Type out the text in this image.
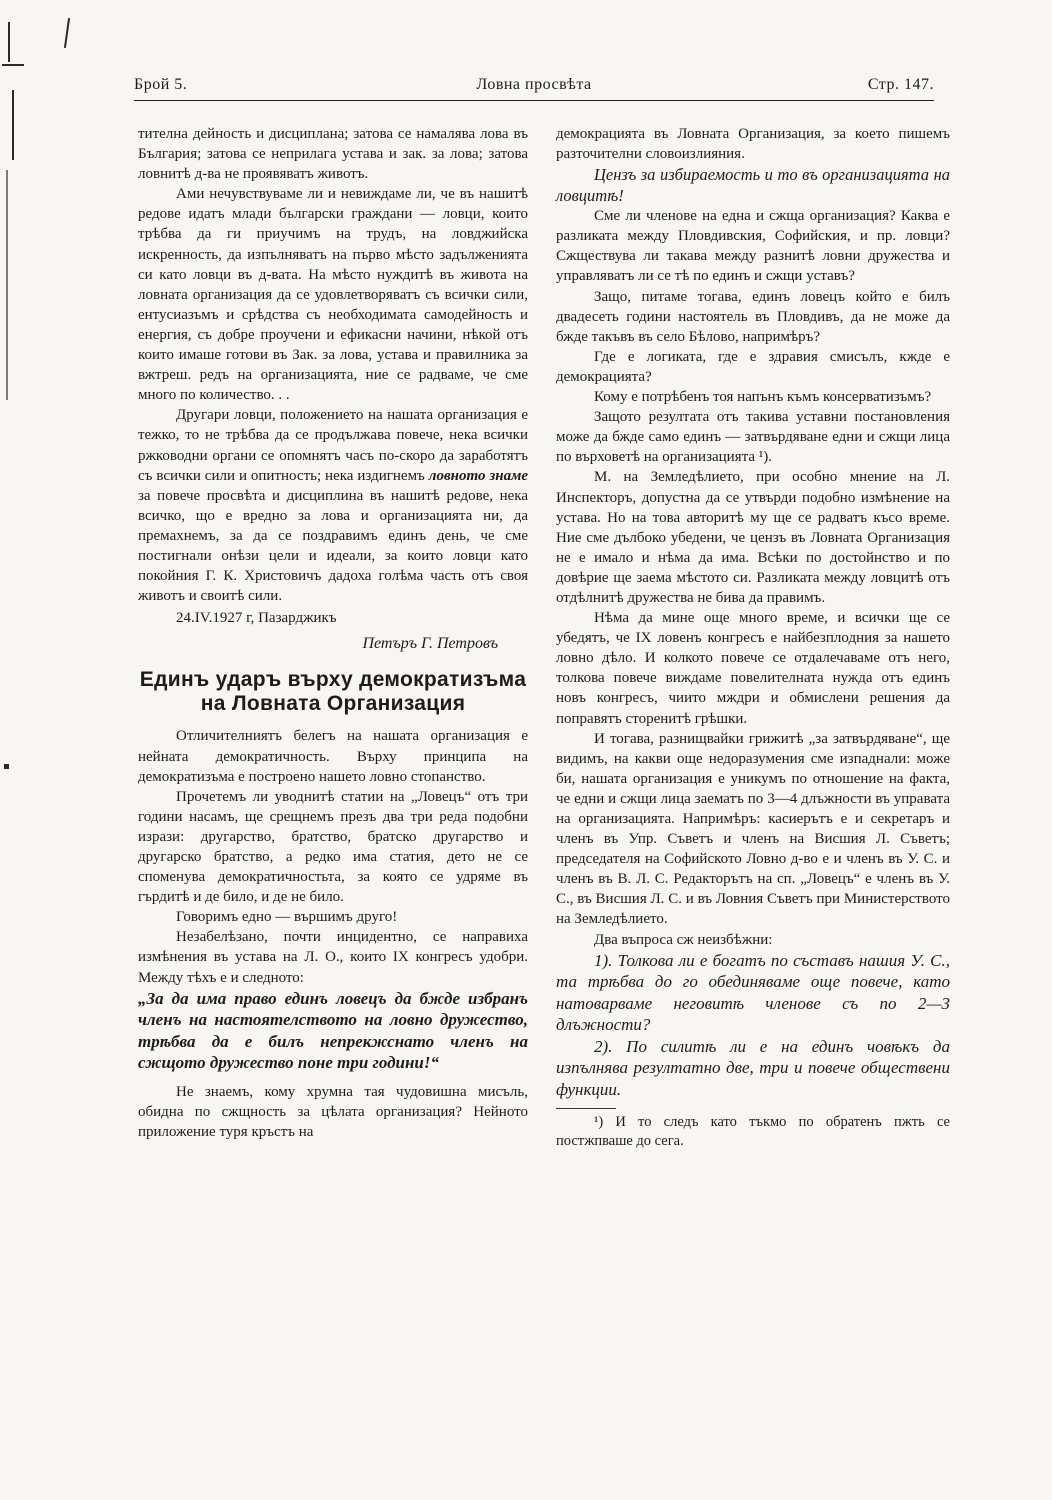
Брой 5.	Ловна просвѣта	Стр. 147.

тителна дейность и дисциплана; затова се намалява лова въ България; затова се неприлага устава и зак. за лова; затова ловнитѣ д-ва не проявяватъ животъ.

Ами нечувствуваме ли и невиждаме ли, че въ нашитѣ редове идатъ млади български граждани — ловци, които трѣбва да ги приучимъ на трудъ, на ловджийска искренность, да изпълняватъ на първо мѣсто задълженията си като ловци въ д-вата. На мѣсто нуждитѣ въ живота на ловната организация да се удовлетворяватъ съ всички сили, ентусиазъмъ и срѣдства съ необходимата самодейность и енергия, съ добре проучени и ефикасни начини, нѣкой отъ които имаше готови въ Зак. за лова, устава и правилника за вжтреш. редъ на организацията, ние се радваме, че сме много по количество. . .

Другари ловци, положението на нашата организация е тежко, то не трѣбва да се продължава повече, нека всички ржководни органи се опомнятъ часъ по-скоро да заработятъ съ всички сили и опитность; нека издигнемъ ловното знаме за повече просвѣта и дисциплина въ нашитѣ редове, нека всичко, що е вредно за лова и организацията ни, да премахнемъ, за да се поздравимъ единъ день, че сме постигнали онѣзи цели и идеали, за които ловци като покойния Г. К. Христовичъ дадоха голѣма часть отъ своя животъ и своитѣ сили.

24.IV.1927 г, Пазарджикъ

Петъръ Г. Петровъ
Единъ ударъ върху демократизъма на Ловната Организация

Отличителниятъ белегъ на нашата организация е нейната демократичность. Върху принципа на демократизъма е построено нашето ловно стопанство.

Прочетемъ ли уводнитѣ статии на „Ловецъ“ отъ три години насамъ, ще срещнемъ презъ два три реда подобни изрази: другарство, братство, братско другарство и другарско братство, а редко има статия, дето не се споменува демократичностьта, за която се удряме въ гърдитѣ и де било, и де не било.

Говоримъ едно — вършимъ друго!

Незабелѣзано, почти инцидентно, се направиха измѣнения въ устава на Л. О., които IX конгресъ удобри. Между тѣхъ е и следното:

„За да има право единъ ловецъ да бжде избранъ членъ на настоятелството на ловно дружество, трѣбва да е билъ непрекжснато членъ на сжщото дружество поне три години!“

Не знаемъ, кому хрумна тая чудовишна мисъль, обидна по сжщность за цѣлата организация? Нейното приложение туря кръстъ на

демокрацията въ Ловната Организация, за което пишемъ разточителни словоизлияния.

Цензъ за избираемость и то въ организацията на ловцитѣ!

Сме ли членове на една и сжща организация? Каква е разликата между Пловдивския, Софийския, и пр. ловци? Сжществува ли такава между разнитѣ ловни дружества и управляватъ ли се тѣ по единъ и сжщи уставъ?

Защо, питаме тогава, единъ ловецъ който е билъ двадесеть години настоятель въ Пловдивъ, да не може да бжде такъвъ въ село Бѣлово, напримѣръ?

Где е логиката, где е здравия смисълъ, кжде е демокрацията?

Кому е потрѣбенъ тоя напънъ къмъ консерватизъмъ?

Защото резултата отъ такива уставни постановления може да бжде само единъ — затвърдяване едни и сжщи лица по върховетѣ на организацията ¹).

М. на Земледѣлието, при особно мнение на Л. Инспекторъ, допустна да се утвърди подобно измѣнение на устава. Но на това авторитѣ му ще се радватъ късо време. Ние сме дълбоко убедени, че цензъ въ Ловната Организация не е имало и нѣма да има. Всѣки по достойнство и по довѣрие ще заема мѣстото си. Разликата между ловцитѣ отъ отдѣлнитѣ дружества не бива да правимъ.

Нѣма да мине още много време, и всички ще се убедятъ, че IX ловенъ конгресъ е найбезплодния за нашето ловно дѣло. И колкото повече се отдалечаваме отъ него, толкова повече виждаме повелителната нужда отъ единъ новъ конгресъ, чиито мждри и обмислени решения да поправятъ сторенитѣ грѣшки.

И тогава, разнищвайки грижитѣ „за затвърдяване“, ще видимъ, на какви още недоразумения сме изпаднали: може би, нашата организация е уникумъ по отношение на факта, че едни и сжщи лица заематъ по 3—4 длъжности въ управата на организацията. Напримѣръ: касиерътъ е и секретаръ и членъ въ Упр. Съветъ и членъ на Висшия Л. Съветъ; председателя на Софийското Ловно д-во е и членъ въ У. С. и членъ въ В. Л. С. Редакторътъ на сп. „Ловецъ“ е членъ въ У. С., въ Висшия Л. С. и въ Ловния Съветъ при Министерството на Земледѣлието.

Два въпроса сж неизбѣжни:

1). Толкова ли е богатъ по съставъ нашия У. С., та трѣбва до го обединяваме още повече, като натоварваме неговитѣ членове съ по 2—3 длъжности?

2). По силитѣ ли е на единъ човѣкъ да изпълнява резултатно две, три и повече обществени функции.

¹) И то следъ като тъкмо по обратенъ пжть се постжпваше до сега.
